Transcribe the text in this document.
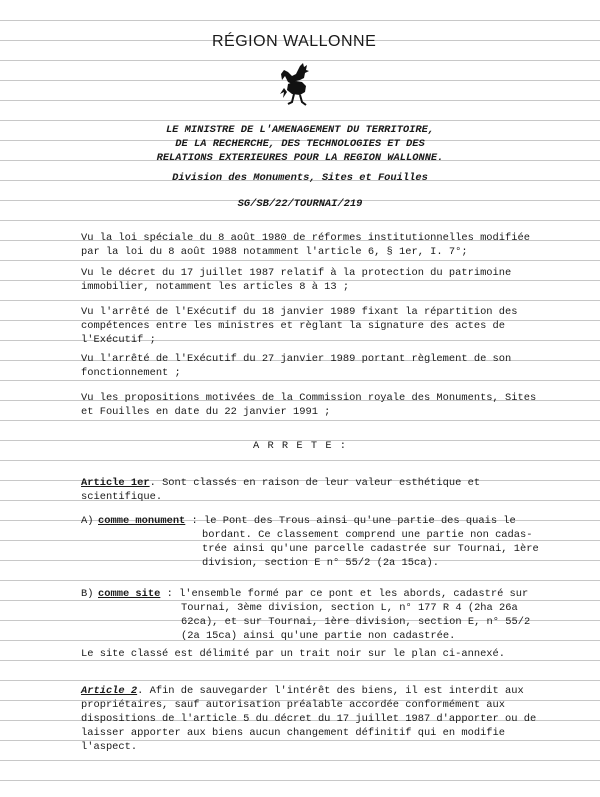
RÉGION WALLONNE
LE MINISTRE DE L'AMENAGEMENT DU TERRITOIRE,
DE LA RECHERCHE, DES TECHNOLOGIES ET DES
RELATIONS EXTERIEURES POUR LA REGION WALLONNE.
Division des Monuments, Sites et Fouilles
SG/SB/22/TOURNAI/219
Vu la loi spéciale du 8 août 1980 de réformes institutionnelles modifiée
par la loi du 8 août 1988 notamment l'article 6, § 1er, I. 7°;
Vu le décret du 17 juillet 1987 relatif à la protection du patrimoine
immobilier, notamment les articles 8 à 13 ;
Vu l'arrêté de l'Exécutif du 18 janvier 1989 fixant la répartition des
compétences entre les ministres et règlant la signature des actes de
l'Exécutif ;
Vu l'arrêté de l'Exécutif du 27 janvier 1989 portant règlement de son
fonctionnement ;
Vu les propositions motivées de la Commission royale des Monuments, Sites
et Fouilles en date du 22 janvier 1991 ;
A R R E T E :
Article 1er. Sont classés en raison de leur valeur esthétique et
scientifique.
A) comme monument : le Pont des Trous ainsi qu'une partie des quais le
bordant. Ce classement comprend une partie non cadas-
trée ainsi qu'une parcelle cadastrée sur Tournai, 1ère
division, section E n° 55/2 (2a 15ca).
B) comme site : l'ensemble formé par ce pont et les abords, cadastré sur
Tournai, 3ème division, section L, n° 177 R 4 (2ha 26a
62ca), et sur Tournai, 1ère division, section E, n° 55/2
(2a 15ca) ainsi qu'une partie non cadastrée.
Le site classé est délimité par un trait noir sur le plan ci-annexé.
Article 2. Afin de sauvegarder l'intérêt des biens, il est interdit aux
propriétaires, sauf autorisation préalable accordée conformément aux
dispositions de l'article 5 du décret du 17 juillet 1987 d'apporter ou de
laisser apporter aux biens aucun changement définitif qui en modifie
l'aspect.
